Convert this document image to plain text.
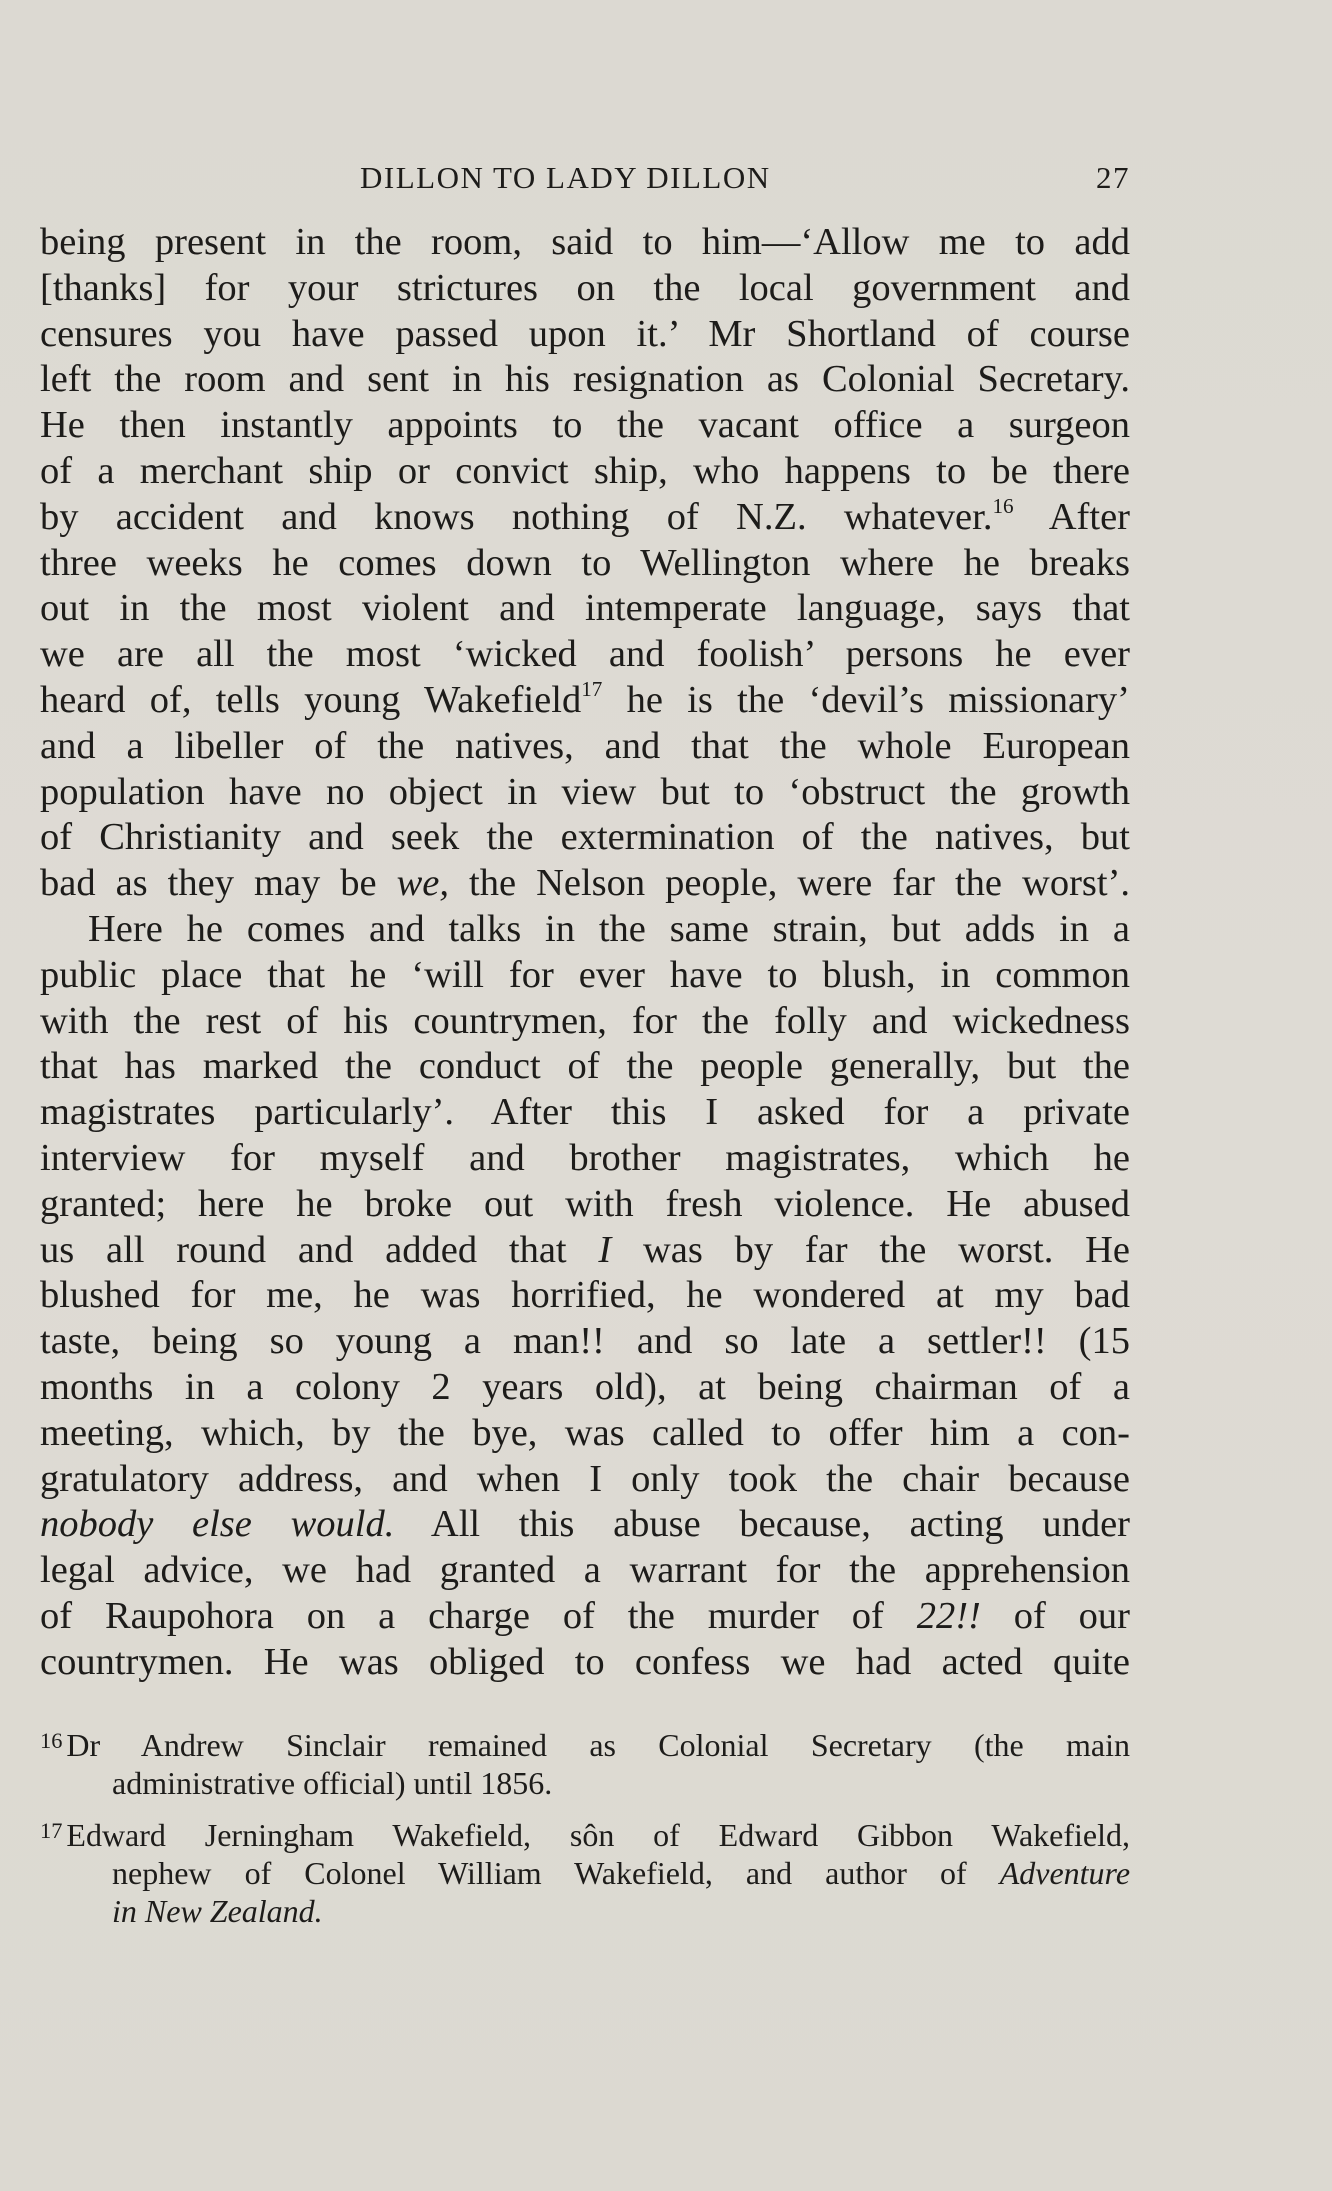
DILLON TO LADY DILLON	27
being present in the room, said to him—‘Allow me to add
[thanks] for your strictures on the local government and
censures you have passed upon it.’ Mr Shortland of course
left the room and sent in his resignation as Colonial Secretary.
He then instantly appoints to the vacant office a surgeon
of a merchant ship or convict ship, who happens to be there
by accident and knows nothing of N.Z. whatever.$^{16}$ After
three weeks he comes down to Wellington where he breaks
out in the most violent and intemperate language, says that
we are all the most ‘wicked and foolish’ persons he ever
heard of, tells young Wakefield$^{17}$ he is the ‘devil’s missionary’
and a libeller of the natives, and that the whole European
population have no object in view but to ‘obstruct the growth
of Christianity and seek the extermination of the natives, but
bad as they may be we, the Nelson people, were far the worst’.
Here he comes and talks in the same strain, but adds in a
public place that he ‘will for ever have to blush, in common
with the rest of his countrymen, for the folly and wickedness
that has marked the conduct of the people generally, but the
magistrates particularly’. After this I asked for a private
interview for myself and brother magistrates, which he
granted; here he broke out with fresh violence. He abused
us all round and added that I was by far the worst. He
blushed for me, he was horrified, he wondered at my bad
taste, being so young a man!! and so late a settler!! (15
months in a colony 2 years old), at being chairman of a
meeting, which, by the bye, was called to offer him a con-
gratulatory address, and when I only took the chair because
nobody else would. All this abuse because, acting under
legal advice, we had granted a warrant for the apprehension
of Raupohora on a charge of the murder of 22!! of our
countrymen. He was obliged to confess we had acted quite
$^{16}$ Dr Andrew Sinclair remained as Colonial Secretary (the main
administrative official) until 1856.
$^{17}$ Edward Jerningham Wakefield, sôn of Edward Gibbon Wakefield,
nephew of Colonel William Wakefield, and author of Adventure
in New Zealand.
